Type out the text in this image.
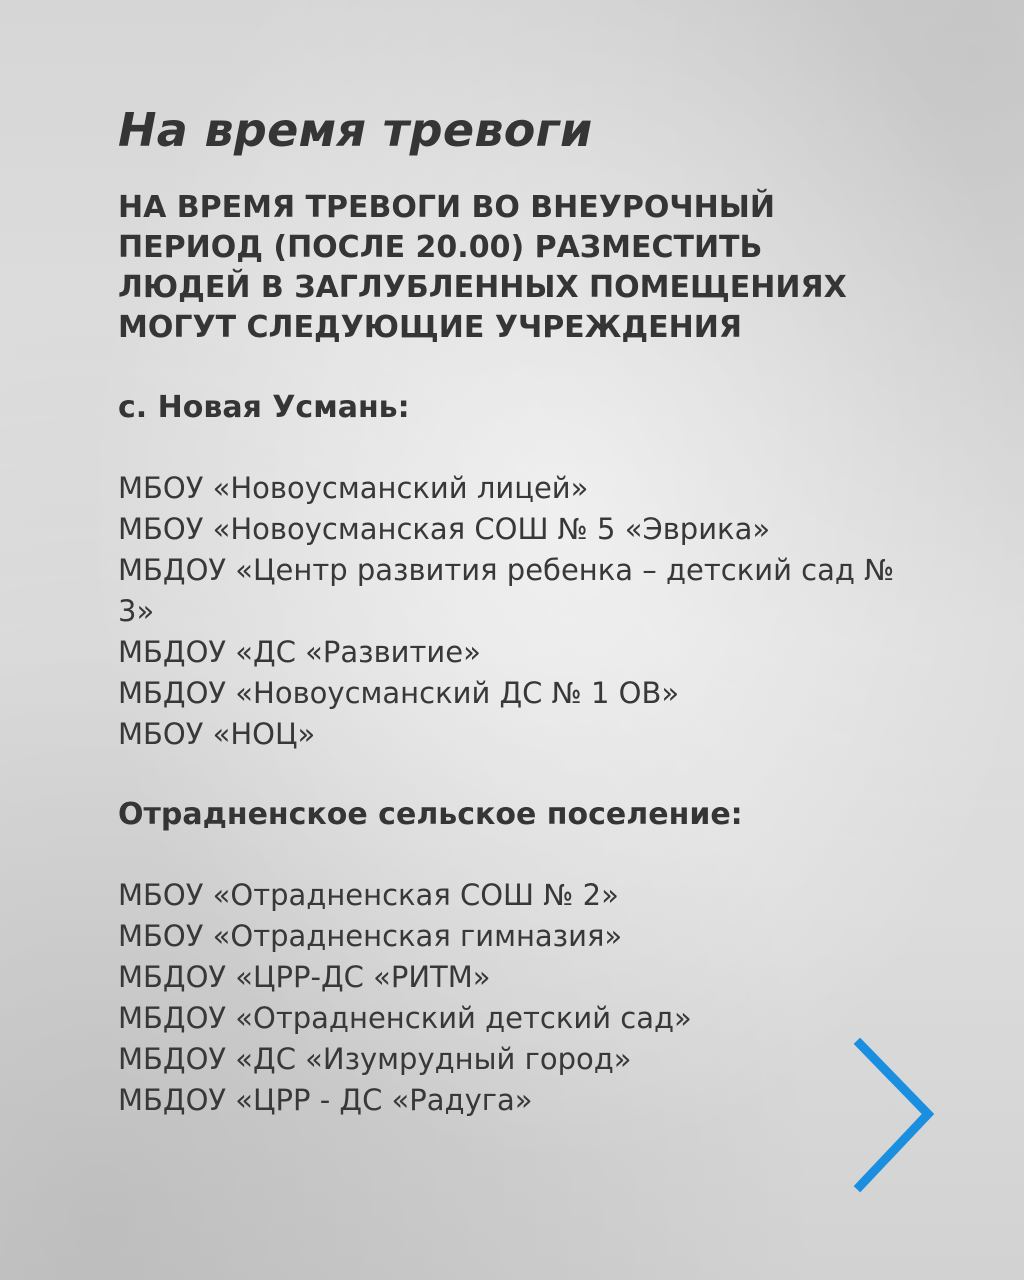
На время тревоги
НА ВРЕМЯ ТРЕВОГИ ВО ВНЕУРОЧНЫЙ
ПЕРИОД (ПОСЛЕ 20.00) РАЗМЕСТИТЬ
ЛЮДЕЙ В ЗАГЛУБЛЕННЫХ ПОМЕЩЕНИЯХ
МОГУТ СЛЕДУЮЩИЕ УЧРЕЖДЕНИЯ
с. Новая Усмань:
МБОУ «Новоусманский лицей»
МБОУ «Новоусманская СОШ № 5 «Эврика»
МБДОУ «Центр развития ребенка – детский сад № 3»
МБДОУ «ДС «Развитие»
МБДОУ «Новоусманский ДС № 1 ОВ»
МБОУ «НОЦ»
Отрадненское сельское поселение:
МБОУ «Отрадненская СОШ № 2»
МБОУ «Отрадненская гимназия»
МБДОУ «ЦРР-ДС «РИТМ»
МБДОУ «Отрадненский детский сад»
МБДОУ «ДС «Изумрудный город»
МБДОУ «ЦРР - ДС «Радуга»
